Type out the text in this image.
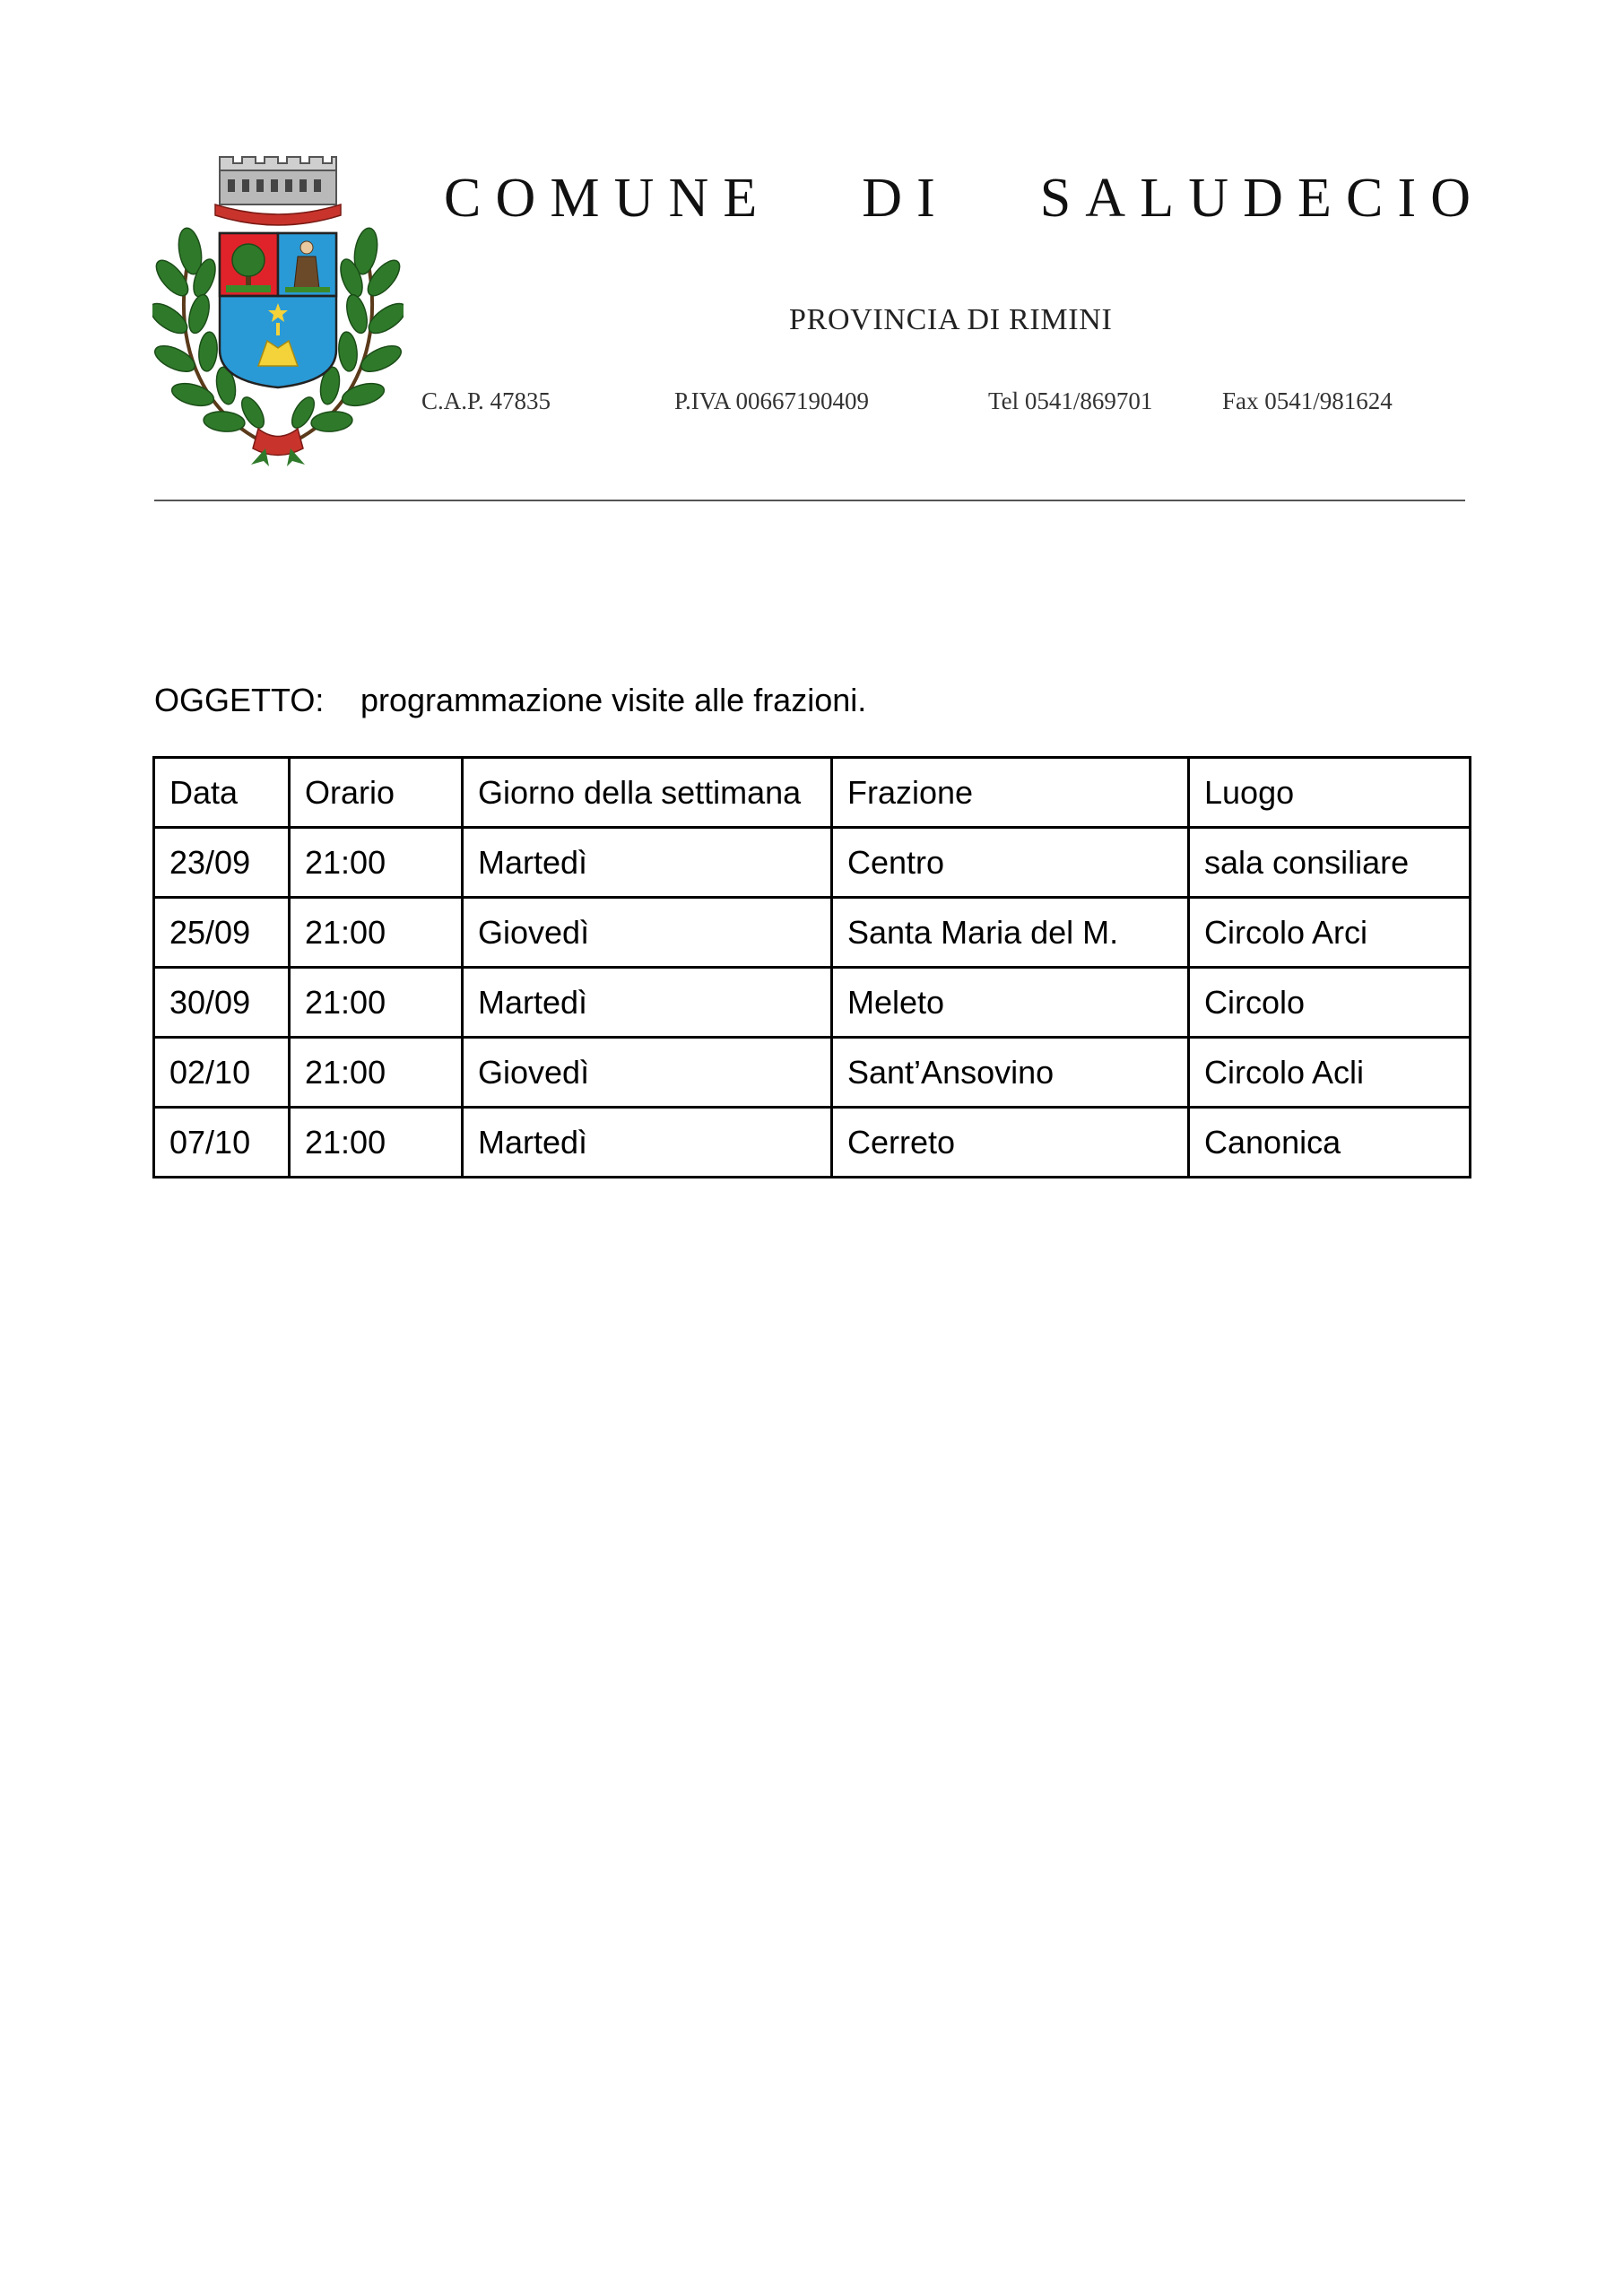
COMUNE DI SALUDECIO
PROVINCIA DI RIMINI
C.A.P. 47835	P.IVA 00667190409	Tel 0541/869701	Fax 0541/981624
OGGETTO: programmazione visite alle frazioni.
Data	Orario	Giorno della settimana	Frazione	Luogo
23/09	21:00	Martedì	Centro	sala consiliare
25/09	21:00	Giovedì	Santa Maria del M.	Circolo Arci
30/09	21:00	Martedì	Meleto	Circolo
02/10	21:00	Giovedì	Sant’Ansovino	Circolo Acli
07/10	21:00	Martedì	Cerreto	Canonica
